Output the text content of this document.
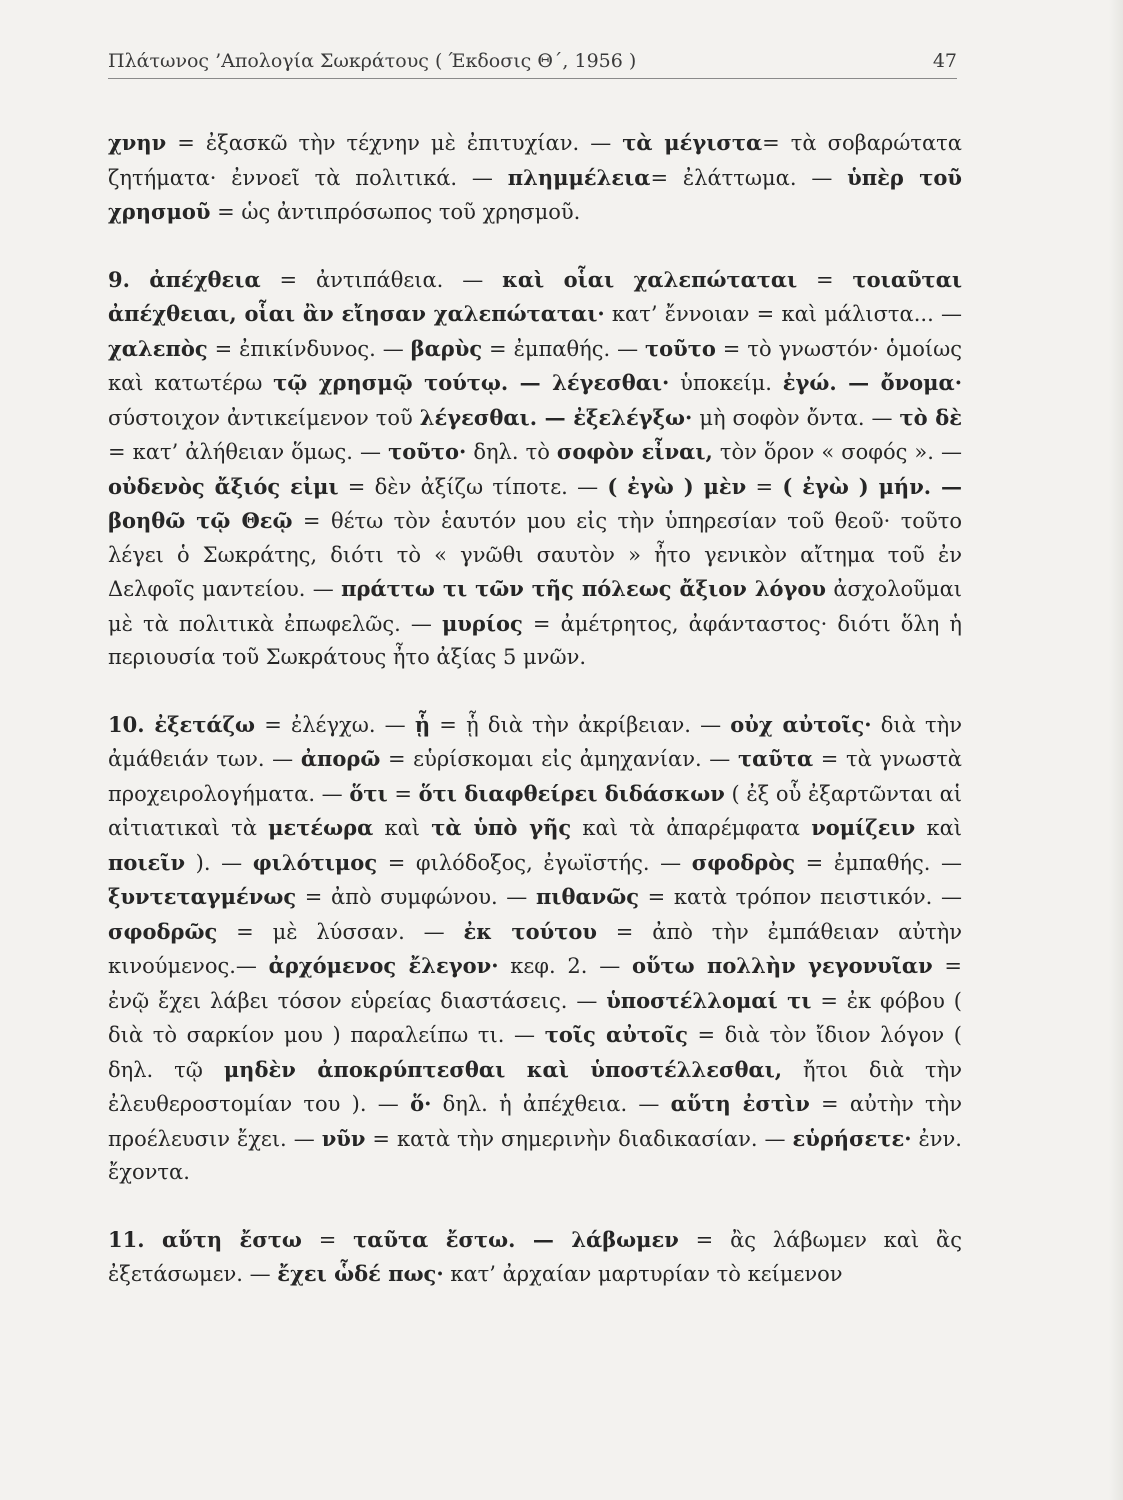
Πλάτωνος ’Απολογία Σωκράτους ( Έκδοσις Θ΄, 1956 )	47

χνην = ἐξασκῶ τὴν τέχνην μὲ ἐπιτυχίαν. — τὰ μέγιστα= τὰ σοβαρώτατα ζητήματα· ἐννοεῖ τὰ πολιτικά. — πλημμέλεια= ἐλάττωμα. — ὑπὲρ τοῦ χρησμοῦ = ὡς ἀντιπρόσωπος τοῦ χρησμοῦ.

9. ἀπέχθεια = ἀντιπάθεια. — καὶ οἷαι χαλεπώταται = τοιαῦται ἀπέχθειαι, οἷαι ἂν εἴησαν χαλεπώταται· κατ’ ἔννοιαν = καὶ μάλιστα... — χαλεπὸς = ἐπικίνδυνος. — βαρὺς = ἐμπαθής. — τοῦτο = τὸ γνωστόν· ὁμοίως καὶ κατωτέρω τῷ χρησμῷ τούτῳ. — λέγεσθαι· ὑποκείμ. ἐγώ. — ὄνομα· σύστοιχον ἀντικείμενον τοῦ λέγεσθαι. — ἐξελέγξω· μὴ σοφὸν ὄντα. — τὸ δὲ = κατ’ ἀλήθειαν ὅμως. — τοῦτο· δηλ. τὸ σοφὸν εἶναι, τὸν ὅρον « σοφός ». — οὐδενὸς ἄξιός εἰμι = δὲν ἀξίζω τίποτε. — ( ἐγὼ ) μὲν = ( ἐγὼ ) μήν. — βοηθῶ τῷ Θεῷ = θέτω τὸν ἑαυτόν μου εἰς τὴν ὑπηρεσίαν τοῦ θεοῦ· τοῦτο λέγει ὁ Σωκράτης, διότι τὸ « γνῶθι σαυτὸν » ἦτο γενικὸν αἴτημα τοῦ ἐν Δελφοῖς μαντείου. — πράττω τι τῶν τῆς πόλεως ἄξιον λόγου ἀσχολοῦμαι μὲ τὰ πολιτικὰ ἐπωφελῶς. — μυρίος = ἀμέτρητος, ἀφάνταστος· διότι ὅλη ἡ περιουσία τοῦ Σωκράτους ἦτο ἀξίας 5 μνῶν.

10. ἐξετάζω = ἐλέγχω. — ᾗ = ᾗ διὰ τὴν ἀκρίβειαν. — οὐχ αὐτοῖς· διὰ τὴν ἀμάθειάν των. — ἀπορῶ = εὑρίσκομαι εἰς ἀμηχανίαν. — ταῦτα = τὰ γνωστὰ προχειρολογήματα. — ὅτι = ὅτι διαφθείρει διδάσκων ( ἐξ οὗ ἐξαρτῶνται αἱ αἰτιατικαὶ τὰ μετέωρα καὶ τὰ ὑπὸ γῆς καὶ τὰ ἀπαρέμφατα νομίζειν καὶ ποιεῖν ). — φιλότιμος = φιλόδοξος, ἐγωϊστής. — σφοδρὸς = ἐμπαθής. — ξυντεταγμένως = ἀπὸ συμφώνου. — πιθανῶς = κατὰ τρόπον πειστικόν. — σφοδρῶς = μὲ λύσσαν. — ἐκ τούτου = ἀπὸ τὴν ἐμπάθειαν αὐτὴν κινούμενος.— ἀρχόμενος ἔλεγον· κεφ. 2. — οὕτω πολλὴν γεγονυῖαν = ἐνῷ ἔχει λάβει τόσον εὑρείας διαστάσεις. — ὑποστέλλομαί τι = ἐκ φόβου ( διὰ τὸ σαρκίον μου ) παραλείπω τι. — τοῖς αὐτοῖς = διὰ τὸν ἴδιον λόγον ( δηλ. τῷ μηδὲν ἀποκρύπτεσθαι καὶ ὑποστέλλεσθαι, ἤτοι διὰ τὴν ἐλευθεροστομίαν του ). — ὅ· δηλ. ἡ ἀπέχθεια. — αὕτη ἐστὶν = αὐτὴν τὴν προέλευσιν ἔχει. — νῦν = κατὰ τὴν σημερινὴν διαδικασίαν. — εὑρήσετε· ἐνν. ἔχοντα.

11. αὕτη ἔστω = ταῦτα ἔστω. — λάβωμεν = ἂς λάβωμεν καὶ ἂς ἐξετάσωμεν. — ἔχει ὧδέ πως· κατ’ ἀρχαίαν μαρτυρίαν τὸ κείμενον
